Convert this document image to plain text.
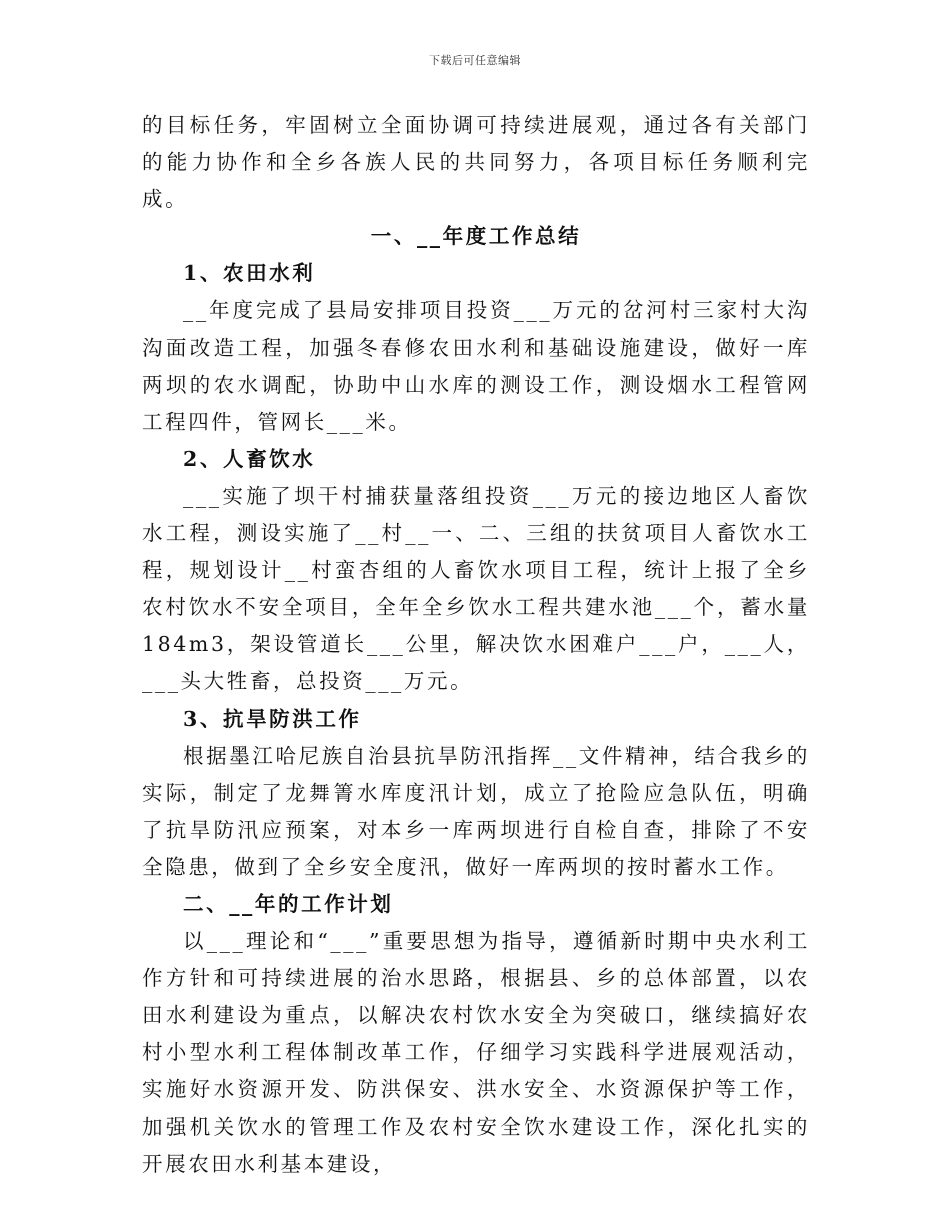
下载后可任意编辑

的目标任务，牢固树立全面协调可持续进展观，通过各有关部门的能力协作和全乡各族人民的共同努力，各项目标任务顺利完成。

一、__年度工作总结

1、农田水利

__年度完成了县局安排项目投资___万元的岔河村三家村大沟沟面改造工程，加强冬春修农田水利和基础设施建设，做好一库两坝的农水调配，协助中山水库的测设工作，测设烟水工程管网工程四件，管网长___米。

2、人畜饮水

___实施了坝干村捕获量落组投资___万元的接边地区人畜饮水工程，测设实施了__村__一、二、三组的扶贫项目人畜饮水工程，规划设计__村蛮杏组的人畜饮水项目工程，统计上报了全乡农村饮水不安全项目，全年全乡饮水工程共建水池___个，蓄水量184m3，架设管道长___公里，解决饮水困难户___户，___人，___头大牲畜，总投资___万元。

3、抗旱防洪工作

根据墨江哈尼族自治县抗旱防汛指挥__文件精神，结合我乡的实际，制定了龙舞箐水库度汛计划，成立了抢险应急队伍，明确了抗旱防汛应预案，对本乡一库两坝进行自检自查，排除了不安全隐患，做到了全乡安全度汛，做好一库两坝的按时蓄水工作。

二、__年的工作计划

以___理论和“___”重要思想为指导，遵循新时期中央水利工作方针和可持续进展的治水思路，根据县、乡的总体部置，以农田水利建设为重点，以解决农村饮水安全为突破口，继续搞好农村小型水利工程体制改革工作，仔细学习实践科学进展观活动，实施好水资源开发、防洪保安、洪水安全、水资源保护等工作，加强机关饮水的管理工作及农村安全饮水建设工作，深化扎实的开展农田水利基本建设，
